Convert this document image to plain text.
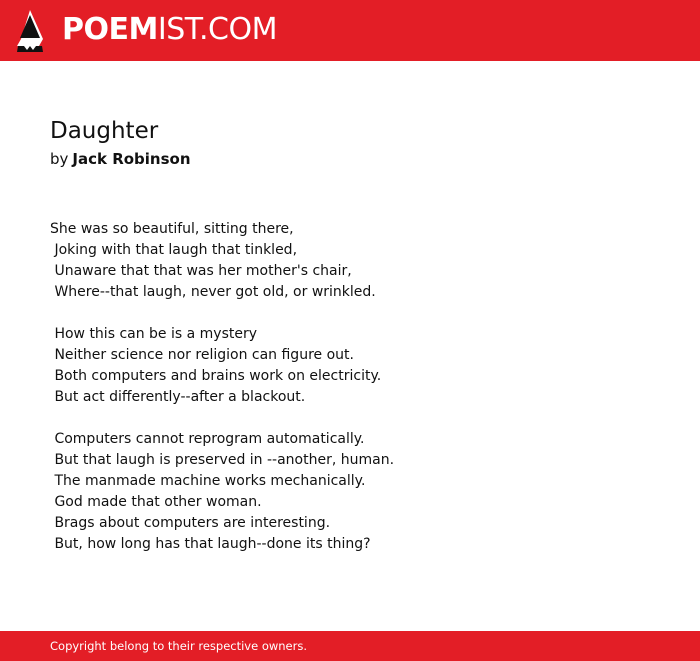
POEMIST.COM
Daughter
by Jack Robinson
She was so beautiful, sitting there,
Joking with that laugh that tinkled,
Unaware that that was her mother's chair,
Where--that laugh, never got old, or wrinkled.
How this can be is a mystery
Neither science nor religion can figure out.
Both computers and brains work on electricity.
But act differently--after a blackout.
Computers cannot reprogram automatically.
But that laugh is preserved in --another, human.
The manmade machine works mechanically.
God made that other woman.
Brags about computers are interesting.
But, how long has that laugh--done its thing?
Copyright belong to their respective owners.
